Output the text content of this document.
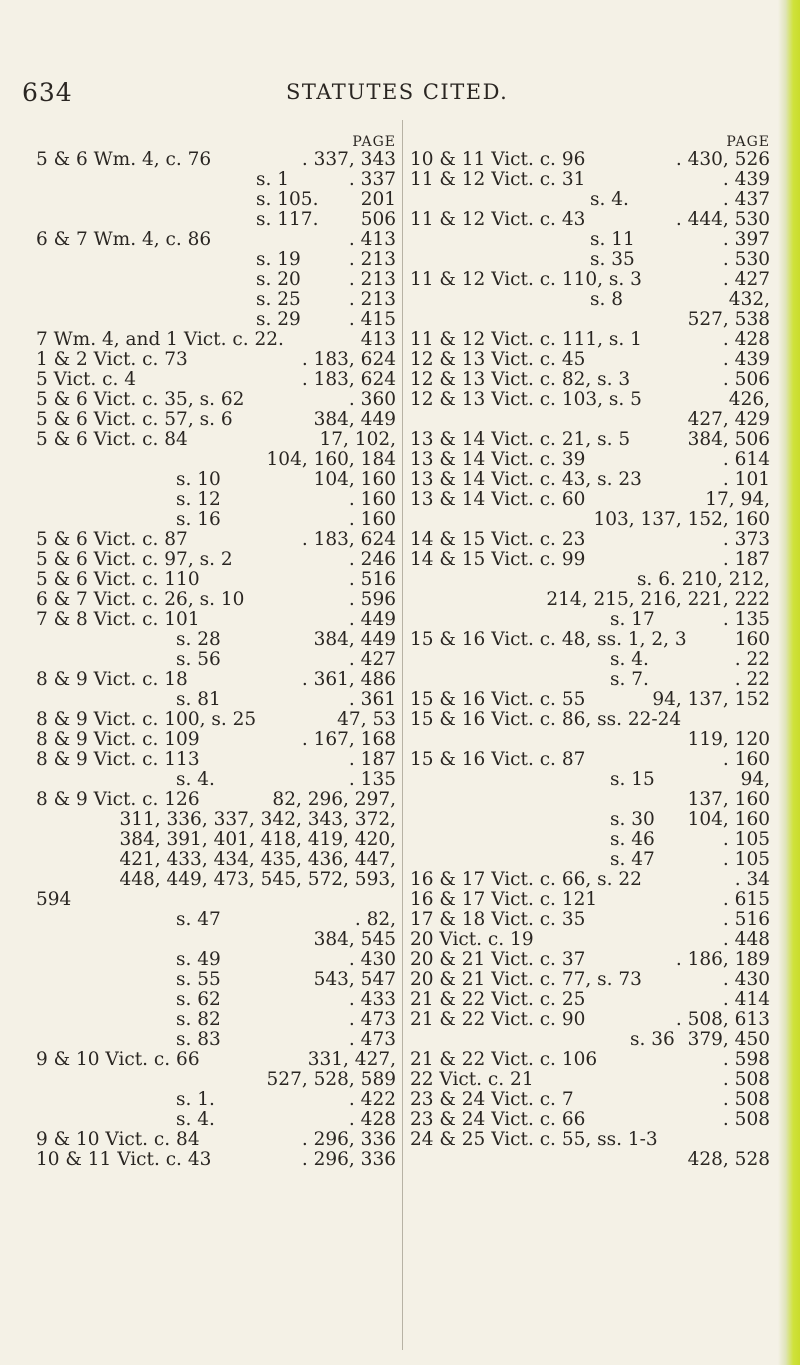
634	STATUTES CITED.
PAGE
5 & 6 Wm. 4, c. 76	. 337, 343
s. 1	. 337
s. 105. 201
s. 117. 506
6 & 7 Wm. 4, c. 86	. 413
s. 19	. 213
s. 20	. 213
s. 25	. 213
s. 29	. 415
7 Wm. 4, and 1 Vict. c. 22.	413
1 & 2 Vict. c. 73	. 183, 624
5 Vict. c. 4	. 183, 624
5 & 6 Vict. c. 35, s. 62	. 360
5 & 6 Vict. c. 57, s. 6	384, 449
5 & 6 Vict. c. 84	17, 102,
104, 160, 184
s. 10	104, 160
s. 12	. 160
s. 16	. 160
5 & 6 Vict. c. 87	. 183, 624
5 & 6 Vict. c. 97, s. 2	. 246
5 & 6 Vict. c. 110	. 516
6 & 7 Vict. c. 26, s. 10	. 596
7 & 8 Vict. c. 101	. 449
s. 28	384, 449
s. 56	. 427
8 & 9 Vict. c. 18	. 361, 486
s. 81	. 361
8 & 9 Vict. c. 100, s. 25	47, 53
8 & 9 Vict. c. 109	. 167, 168
8 & 9 Vict. c. 113	. 187
s. 4.	. 135
8 & 9 Vict. c. 126	82, 296, 297,
311, 336, 337, 342, 343, 372,
384, 391, 401, 418, 419, 420,
421, 433, 434, 435, 436, 447,
448, 449, 473, 545, 572, 593,
594
s. 47	. 82,
384, 545
s. 49	. 430
s. 55	543, 547
s. 62	. 433
s. 82	. 473
s. 83	. 473
9 & 10 Vict. c. 66	331, 427,
527, 528, 589
s. 1.	. 422
s. 4.	. 428
9 & 10 Vict. c. 84	. 296, 336
10 & 11 Vict. c. 43	. 296, 336
PAGE
10 & 11 Vict. c. 96	. 430, 526
11 & 12 Vict. c. 31	. 439
s. 4.	. 437
11 & 12 Vict. c. 43	. 444, 530
s. 11	. 397
s. 35	. 530
11 & 12 Vict. c. 110, s. 3	. 427
s. 8	432,
527, 538
11 & 12 Vict. c. 111, s. 1	. 428
12 & 13 Vict. c. 45	. 439
12 & 13 Vict. c. 82, s. 3	. 506
12 & 13 Vict. c. 103, s. 5	426,
427, 429
13 & 14 Vict. c. 21, s. 5	384, 506
13 & 14 Vict. c. 39	. 614
13 & 14 Vict. c. 43, s. 23	. 101
13 & 14 Vict. c. 60	17, 94,
103, 137, 152, 160
14 & 15 Vict. c. 23	. 373
14 & 15 Vict. c. 99	. 187
s. 6. 210, 212,
214, 215, 216, 221, 222
s. 17	. 135
15 & 16 Vict. c. 48, ss. 1, 2, 3	160
s. 4.	. 22
s. 7.	. 22
15 & 16 Vict. c. 55	94, 137, 152
15 & 16 Vict. c. 86, ss. 22-24
119, 120
15 & 16 Vict. c. 87	. 160
s. 15	94,
137, 160
s. 30 104, 160
s. 46	. 105
s. 47	. 105
16 & 17 Vict. c. 66, s. 22	. 34
16 & 17 Vict. c. 121	. 615
17 & 18 Vict. c. 35	. 516
20 Vict. c. 19	. 448
20 & 21 Vict. c. 37	. 186, 189
20 & 21 Vict. c. 77, s. 73	. 430
21 & 22 Vict. c. 25	. 414
21 & 22 Vict. c. 90	. 508, 613
s. 36 379, 450
21 & 22 Vict. c. 106	. 598
22 Vict. c. 21	. 508
23 & 24 Vict. c. 7	. 508
23 & 24 Vict. c. 66	. 508
24 & 25 Vict. c. 55, ss. 1-3
428, 528
